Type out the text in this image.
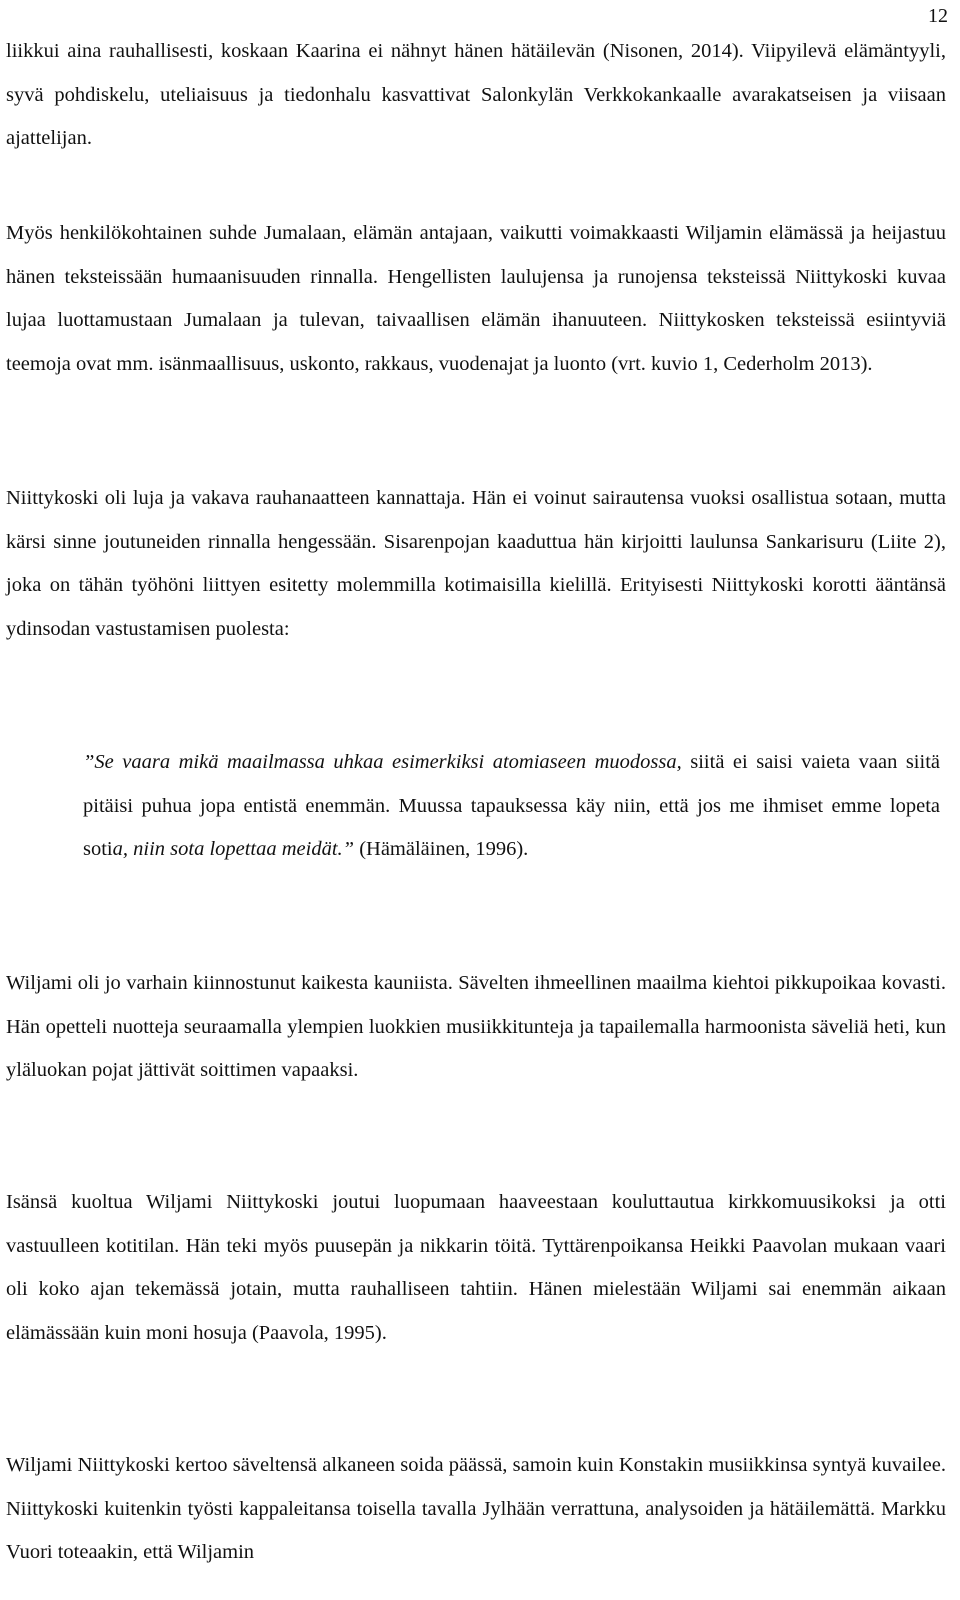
12

liikkui aina rauhallisesti, koskaan Kaarina ei nähnyt hänen hätäilevän (Nisonen, 2014). Viipyilevä elämäntyyli, syvä pohdiskelu, uteliaisuus ja tiedonhalu kasvattivat Salonkylän Verkkokankaalle avarakatseisen ja viisaan ajattelijan.

Myös henkilökohtainen suhde Jumalaan, elämän antajaan, vaikutti voimakkaasti Wiljamin elämässä ja heijastuu hänen teksteissään humaanisuuden rinnalla. Hengellisten laulujensa ja runojensa teksteissä Niittykoski kuvaa lujaa luottamustaan Jumalaan ja tulevan, taivaallisen elämän ihanuuteen. Niittykosken teksteissä esiintyviä teemoja ovat mm. isänmaallisuus, uskonto, rakkaus, vuodenajat ja luonto (vrt. kuvio 1, Cederholm 2013).

Niittykoski oli luja ja vakava rauhanaatteen kannattaja. Hän ei voinut sairautensa vuoksi osallistua sotaan, mutta kärsi sinne joutuneiden rinnalla hengessään. Sisarenpojan kaaduttua hän kirjoitti laulunsa Sankarisuru (Liite 2), joka on tähän työhöni liittyen esitetty molemmilla kotimaisilla kielillä. Erityisesti Niittykoski korotti ääntänsä ydinsodan vastustamisen puolesta:

”Se vaara mikä maailmassa uhkaa esimerkiksi atomiaseen muodossa, siitä ei saisi vaieta vaan siitä pitäisi puhua jopa entistä enemmän. Muussa tapauksessa käy niin, että jos me ihmiset emme lopeta sotia, niin sota lopettaa meidät.” (Hämäläinen, 1996).

Wiljami oli jo varhain kiinnostunut kaikesta kauniista. Sävelten ihmeellinen maailma kiehtoi pikkupoikaa kovasti. Hän opetteli nuotteja seuraamalla ylempien luokkien musiikkitunteja ja tapailemalla harmoonista säveliä heti, kun yläluokan pojat jättivät soittimen vapaaksi.

Isänsä kuoltua Wiljami Niittykoski joutui luopumaan haaveestaan kouluttautua kirkkomuusikoksi ja otti vastuulleen kotitilan. Hän teki myös puusepän ja nikkarin töitä. Tyttärenpoikansa Heikki Paavolan mukaan vaari oli koko ajan tekemässä jotain, mutta rauhalliseen tahtiin. Hänen mielestään Wiljami sai enemmän aikaan elämässään kuin moni hosuja (Paavola, 1995).

Wiljami Niittykoski kertoo säveltensä alkaneen soida päässä, samoin kuin Konstakin musiikkinsa syntyä kuvailee. Niittykoski kuitenkin työsti kappaleitansa toisella tavalla Jylhään verrattuna, analysoiden ja hätäilemättä. Markku Vuori toteaakin, että Wiljamin
